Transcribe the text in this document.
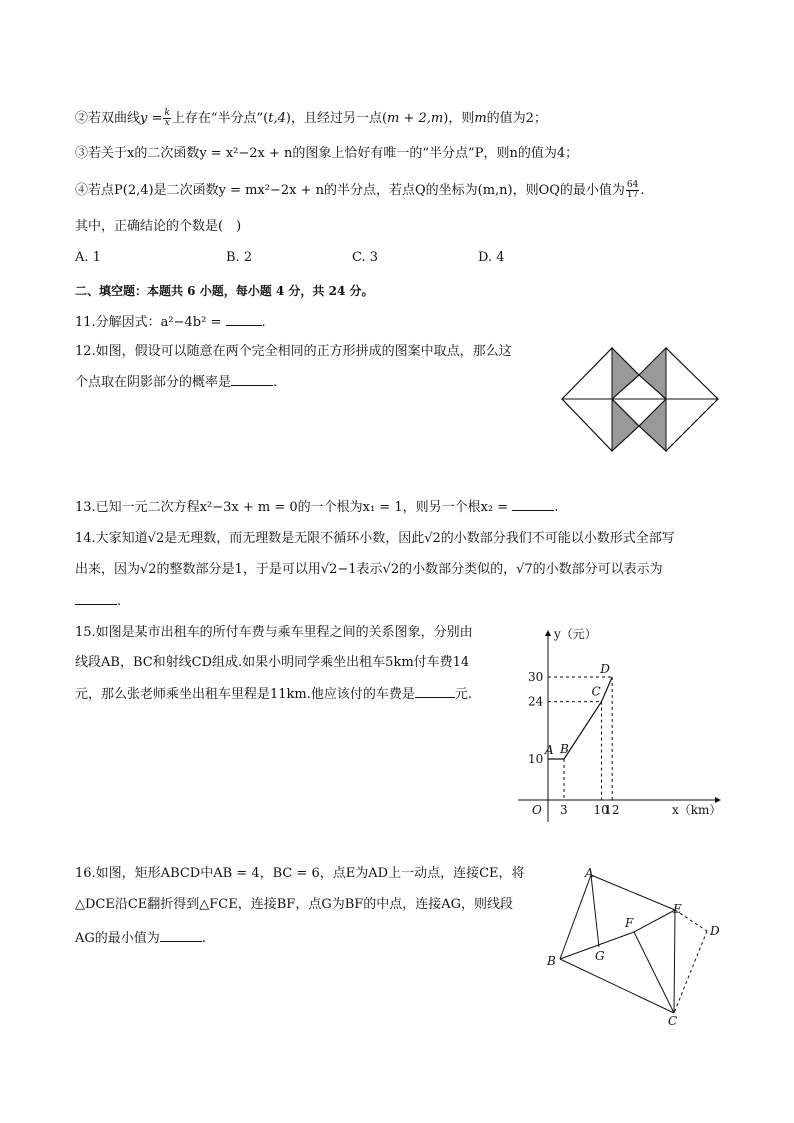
②若双曲线$y = \frac{k}{x}$ 上存在“半分点”(t,4)，且经过另一点(m + 2,m)，则m的值为2；
③若关于x的二次函数y = x²−2x + n的图象上恰好有唯一的“半分点”P，则n的值为4；
④若点P(2,4)是二次函数y = mx²−2x + n的半分点，若点Q的坐标为(m,n)，则OQ的最小值为 $\frac{64}{17}$ .
其中，正确结论的个数是(　)
A. 1	B. 2	C. 3	D. 4
二、填空题：本题共 6 小题，每小题 4 分，共 24 分。
11.分解因式：a²−4b² =	.
12.如图，假设可以随意在两个完全相同的正方形拼成的图案中取点，那么这
个点取在阴影部分的概率是	.
13.已知一元二次方程x²−3x + m = 0的一个根为x₁ = 1，则另一个根x₂ =	.
14.大家知道√2是无理数，而无理数是无限不循环小数，因此√2的小数部分我们不可能以小数形式全部写
出来，因为√2的整数部分是1，于是可以用√2−1表示√2的小数部分类似的，√7的小数部分可以表示为
.
15.如图是某市出租车的所付车费与乘车里程之间的关系图象，分别由
线段AB，BC和射线CD组成.如果小明同学乘坐出租车5km付车费14
元，那么张老师乘坐出租车里程是11km.他应该付的车费是	元.
A B
C
D
3 10
12
10
24
30
O	x（km）
y（元）
16.如图，矩形ABCD中AB = 4，BC = 6，点E为AD上一动点，连接CE，将
△DCE沿CE翻折得到△FCE，连接BF，点G为BF的中点，连接AG，则线段
AG的最小值为	.
A
B
C
D
E
F
G
